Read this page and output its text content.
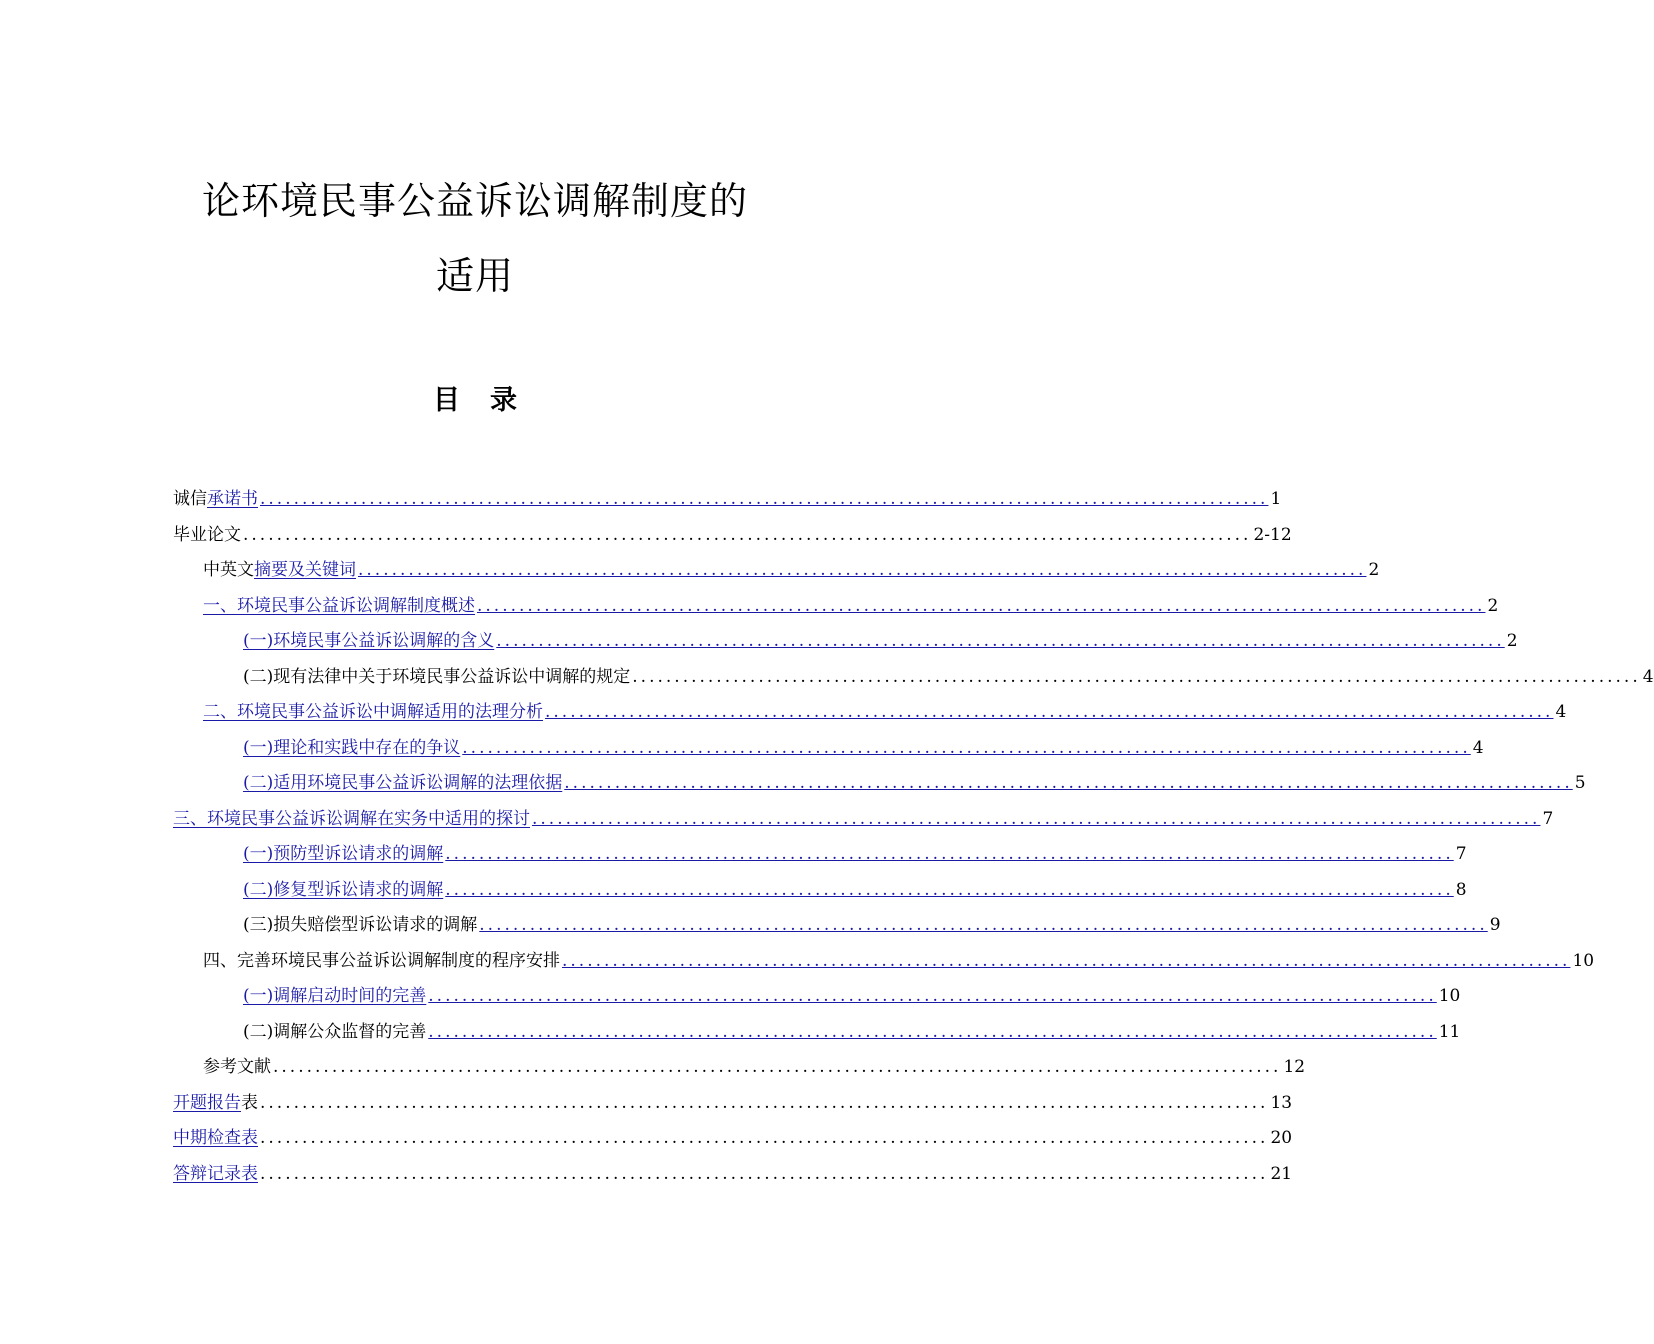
论环境民事公益诉讼调解制度的
适用
目录
诚信承诺书 ........................................................................................................................ 1
毕业论文 ........................................................................................................................ 2-12
中英文摘要及关键词 ........................................................................................................................ 2
一、环境民事公益诉讼调解制度概述 ........................................................................................................................ 2
(一)环境民事公益诉讼调解的含义 ........................................................................................................................ 2
(二)现有法律中关于环境民事公益诉讼中调解的规定 ........................................................................................................................ 4
二、环境民事公益诉讼中调解适用的法理分析 ........................................................................................................................ 4
(一)理论和实践中存在的争议 ........................................................................................................................ 4
(二)适用环境民事公益诉讼调解的法理依据 ........................................................................................................................ 5
三、环境民事公益诉讼调解在实务中适用的探讨 ........................................................................................................................ 7
(一)预防型诉讼请求的调解 ........................................................................................................................ 7
(二)修复型诉讼请求的调解 ........................................................................................................................ 8
(三)损失赔偿型诉讼请求的调解 ........................................................................................................................ 9
四、完善环境民事公益诉讼调解制度的程序安排 ........................................................................................................................ 10
(一)调解启动时间的完善 ........................................................................................................................ 10
(二)调解公众监督的完善 ........................................................................................................................ 11
参考文献 ........................................................................................................................ 12
开题报告表 ........................................................................................................................ 13
中期检查表 ........................................................................................................................ 20
答辩记录表 ........................................................................................................................ 21
